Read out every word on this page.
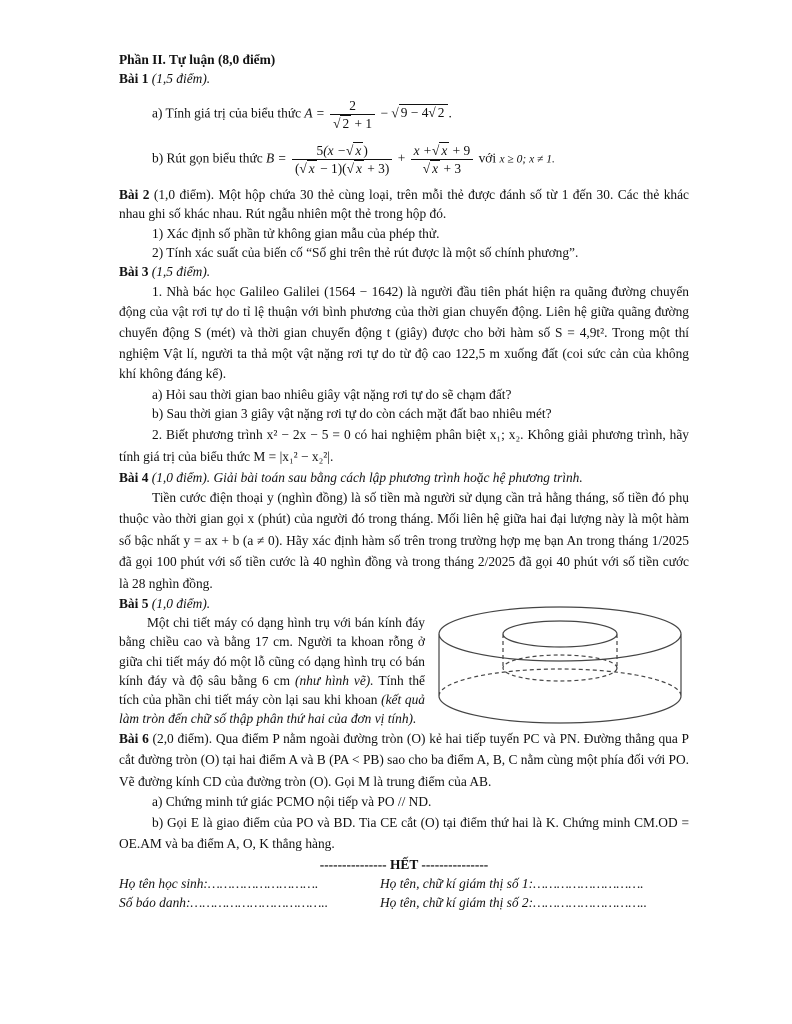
Phần II. Tự luận (8,0 điểm)

Bài 1 (1,5 điểm).

a) Tính giá trị của biểu thức $A = \frac{2}{√ 2 + 1}$ − √ 9 − 4√ 2 .

b) Rút gọn biểu thức $B = \frac{5(x -√ x )}{(√ x - 1)(√ x + 3)} + \frac{x +√ x + 9}{√ x + 3}$ với x ≥ 0; x ≠ 1.

Bài 2 (1,0 điểm). Một hộp chứa 30 thẻ cùng loại, trên mỗi thẻ được đánh số từ 1 đến 30. Các thẻ khác nhau ghi số khác nhau. Rút ngẫu nhiên một thẻ trong hộp đó.

1) Xác định số phần tử không gian mẫu của phép thử.

2) Tính xác suất của biến cố “Số ghi trên thẻ rút được là một số chính phương”.

Bài 3 (1,5 điểm).

1. Nhà bác học Galileo Galilei (1564 − 1642) là người đầu tiên phát hiện ra quãng đường chuyển động của vật rơi tự do tỉ lệ thuận với bình phương của thời gian chuyển động. Liên hệ giữa quãng đường chuyển động S (mét) và thời gian chuyển động t (giây) được cho bởi hàm số S = 4,9t². Trong một thí nghiệm Vật lí, người ta thả một vật nặng rơi tự do từ độ cao 122,5 m xuống đất (coi sức cản của không khí không đáng kể).

a) Hỏi sau thời gian bao nhiêu giây vật nặng rơi tự do sẽ chạm đất?

b) Sau thời gian 3 giây vật nặng rơi tự do còn cách mặt đất bao nhiêu mét?

2. Biết phương trình x² − 2x − 5 = 0 có hai nghiệm phân biệt x₁; x₂. Không giải phương trình, hãy tính giá trị của biểu thức M = |x₁² − x₂²|.

Bài 4 (1,0 điểm). Giải bài toán sau bằng cách lập phương trình hoặc hệ phương trình.

Tiền cước điện thoại y (nghìn đồng) là số tiền mà người sử dụng cần trả hằng tháng, số tiền đó phụ thuộc vào thời gian gọi x (phút) của người đó trong tháng. Mối liên hệ giữa hai đại lượng này là một hàm số bậc nhất y = ax + b (a ≠ 0). Hãy xác định hàm số trên trong trường hợp mẹ bạn An trong tháng 1/2025 đã gọi 100 phút với số tiền cước là 40 nghìn đồng và trong tháng 2/2025 đã gọi 40 phút với số tiền cước là 28 nghìn đồng.

Bài 5 (1,0 điểm).

Một chi tiết máy có dạng hình trụ với bán kính đáy bằng chiều cao và bằng 17 cm. Người ta khoan rỗng ở giữa chi tiết máy đó một lỗ cũng có dạng hình trụ có bán kính đáy và độ sâu bằng 6 cm (như hình vẽ). Tính thể tích của phần chi tiết máy còn lại sau khi khoan (kết quả làm tròn đến chữ số thập phân thứ hai của đơn vị tính).

Bài 6 (2,0 điểm). Qua điểm P nằm ngoài đường tròn (O) kẻ hai tiếp tuyến PC và PN. Đường thẳng qua P cắt đường tròn (O) tại hai điểm A và B (PA < PB) sao cho ba điểm A, B, C nằm cùng một phía đối với PO. Vẽ đường kính CD của đường tròn (O). Gọi M là trung điểm của AB.

a) Chứng minh tứ giác PCMO nội tiếp và PO // ND.

b) Gọi E là giao điểm của PO và BD. Tia CE cắt (O) tại điểm thứ hai là K. Chứng minh CM.OD = OE.AM và ba điểm A, O, K thẳng hàng.

--------------- HẾT ---------------

Họ tên học sinh:……………………….	Họ tên, chữ kí giám thị số 1:……………………….
Số báo danh:……………………………..	Họ tên, chữ kí giám thị số 2:………………………..
